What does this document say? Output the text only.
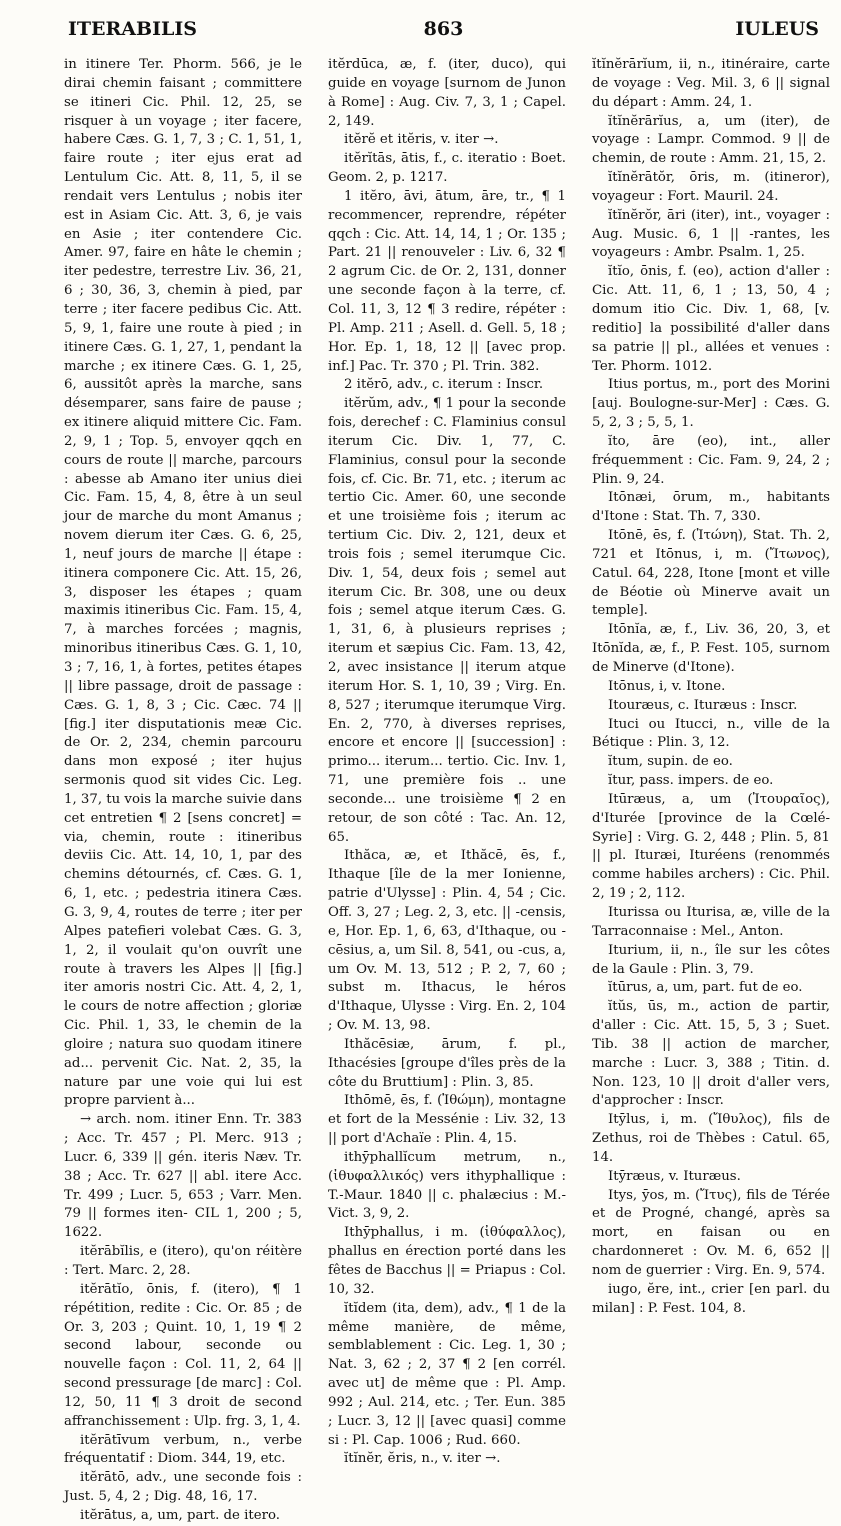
ITERABILIS	863	IULEUS

in itinere Ter. Phorm. 566, je le dirai chemin faisant ; committere se itineri Cic. Phil. 12, 25, se risquer à un voyage ; iter facere, habere Cæs. G. 1, 7, 3 ; C. 1, 51, 1, faire route ; iter ejus erat ad Lentulum Cic. Att. 8, 11, 5, il se rendait vers Lentulus ; nobis iter est in Asiam Cic. Att. 3, 6, je vais en Asie ; iter contendere Cic. Amer. 97, faire en hâte le chemin ; iter pedestre, terrestre Liv. 36, 21, 6 ; 30, 36, 3, chemin à pied, par terre ; iter facere pedibus Cic. Att. 5, 9, 1, faire une route à pied ; in itinere Cæs. G. 1, 27, 1, pendant la marche ; ex itinere Cæs. G. 1, 25, 6, aussitôt après la marche, sans désemparer, sans faire de pause ; ex itinere aliquid mittere Cic. Fam. 2, 9, 1 ; Top. 5, envoyer qqch en cours de route || marche, parcours : abesse ab Amano iter unius diei Cic. Fam. 15, 4, 8, être à un seul jour de marche du mont Amanus ; novem dierum iter Cæs. G. 6, 25, 1, neuf jours de marche || étape : itinera componere Cic. Att. 15, 26, 3, disposer les étapes ; quam maximis itineribus Cic. Fam. 15, 4, 7, à marches forcées ; magnis, minoribus itineribus Cæs. G. 1, 10, 3 ; 7, 16, 1, à fortes, petites étapes || libre passage, droit de passage : Cæs. G. 1, 8, 3 ; Cic. Cæc. 74 || [fig.] iter disputationis meæ Cic. de Or. 2, 234, chemin parcouru dans mon exposé ; iter hujus sermonis quod sit vides Cic. Leg. 1, 37, tu vois la marche suivie dans cet entretien ¶ 2 [sens concret] = via, chemin, route : itineribus deviis Cic. Att. 14, 10, 1, par des chemins détournés, cf. Cæs. G. 1, 6, 1, etc. ; pedestria itinera Cæs. G. 3, 9, 4, routes de terre ; iter per Alpes patefieri volebat Cæs. G. 3, 1, 2, il voulait qu'on ouvrît une route à travers les Alpes || [fig.] iter amoris nostri Cic. Att. 4, 2, 1, le cours de notre affection ; gloriæ Cic. Phil. 1, 33, le chemin de la gloire ; natura suo quodam itinere ad... pervenit Cic. Nat. 2, 35, la nature par une voie qui lui est propre parvient à...

→ arch. nom. itiner Enn. Tr. 383 ; Acc. Tr. 457 ; Pl. Merc. 913 ; Lucr. 6, 339 || gén. iteris Næv. Tr. 38 ; Acc. Tr. 627 || abl. itere Acc. Tr. 499 ; Lucr. 5, 653 ; Varr. Men. 79 || formes iten- CIL 1, 200 ; 5, 1622.

itĕrābĭlis, e (itero), qu'on réitère : Tert. Marc. 2, 28.

itĕrātĭo, ōnis, f. (itero), ¶ 1 répétition, redite : Cic. Or. 85 ; de Or. 3, 203 ; Quint. 10, 1, 19 ¶ 2 second labour, seconde ou nouvelle façon : Col. 11, 2, 64 || second pressurage [de marc] : Col. 12, 50, 11 ¶ 3 droit de second affranchissement : Ulp. frg. 3, 1, 4.

itĕrātīvum verbum, n., verbe fréquentatif : Diom. 344, 19, etc.

itĕrātō, adv., une seconde fois : Just. 5, 4, 2 ; Dig. 48, 16, 17.

itĕrātus, a, um, part. de itero.

itĕrdūca, æ, f. (iter, duco), qui guide en voyage [surnom de Junon à Rome] : Aug. Civ. 7, 3, 1 ; Capel. 2, 149.

itĕrĕ et itĕris, v. iter →.

itĕrĭtās, ātis, f., c. iteratio : Boet. Geom. 2, p. 1217.

1 itĕro, āvi, ātum, āre, tr., ¶ 1 recommencer, reprendre, répéter qqch : Cic. Att. 14, 14, 1 ; Or. 135 ; Part. 21 || renouveler : Liv. 6, 32 ¶ 2 agrum Cic. de Or. 2, 131, donner une seconde façon à la terre, cf. Col. 11, 3, 12 ¶ 3 redire, répéter : Pl. Amp. 211 ; Asell. d. Gell. 5, 18 ; Hor. Ep. 1, 18, 12 || [avec prop. inf.] Pac. Tr. 370 ; Pl. Trin. 382.

2 itĕrō, adv., c. iterum : Inscr.

itĕrŭm, adv., ¶ 1 pour la seconde fois, derechef : C. Flaminius consul iterum Cic. Div. 1, 77, C. Flaminius, consul pour la seconde fois, cf. Cic. Br. 71, etc. ; iterum ac tertio Cic. Amer. 60, une seconde et une troisième fois ; iterum ac tertium Cic. Div. 2, 121, deux et trois fois ; semel iterumque Cic. Div. 1, 54, deux fois ; semel aut iterum Cic. Br. 308, une ou deux fois ; semel atque iterum Cæs. G. 1, 31, 6, à plusieurs reprises ; iterum et sæpius Cic. Fam. 13, 42, 2, avec insistance || iterum atque iterum Hor. S. 1, 10, 39 ; Virg. En. 8, 527 ; iterumque iterumque Virg. En. 2, 770, à diverses reprises, encore et encore || [succession] : primo... iterum... tertio. Cic. Inv. 1, 71, une première fois .. une seconde... une troisième ¶ 2 en retour, de son côté : Tac. An. 12, 65.

Ithăca, æ, et Ithăcē, ēs, f., Ithaque [île de la mer Ionienne, patrie d'Ulysse] : Plin. 4, 54 ; Cic. Off. 3, 27 ; Leg. 2, 3, etc. || -censis, e, Hor. Ep. 1, 6, 63, d'Ithaque, ou -cēsius, a, um Sil. 8, 541, ou -cus, a, um Ov. M. 13, 512 ; P. 2, 7, 60 ; subst m. Ithacus, le héros d'Ithaque, Ulysse : Virg. En. 2, 104 ; Ov. M. 13, 98.

Ithăcēsiæ, ārum, f. pl., Ithacésies [groupe d'îles près de la côte du Bruttium] : Plin. 3, 85.

Ithōmē, ēs, f. (Ἰθώμη), montagne et fort de la Messénie : Liv. 32, 13 || port d'Achaïe : Plin. 4, 15.

ithȳphallĭcum metrum, n., (ἰθυφαλλικός) vers ithyphallique : T.-Maur. 1840 || c. phalæcius : M.-Vict. 3, 9, 2.

Ithȳphallus, i m. (ἰθύφαλλος), phallus en érection porté dans les fêtes de Bacchus || = Priapus : Col. 10, 32.

ĭtĭdem (ita, dem), adv., ¶ 1 de la même manière, de même, semblablement : Cic. Leg. 1, 30 ; Nat. 3, 62 ; 2, 37 ¶ 2 [en corrél. avec ut] de même que : Pl. Amp. 992 ; Aul. 214, etc. ; Ter. Eun. 385 ; Lucr. 3, 12 || [avec quasi] comme si : Pl. Cap. 1006 ; Rud. 660.

ĭtĭnĕr, ĕris, n., v. iter →.

ĭtĭnĕrārĭum, ii, n., itinéraire, carte de voyage : Veg. Mil. 3, 6 || signal du départ : Amm. 24, 1.

ĭtĭnĕrārĭus, a, um (iter), de voyage : Lampr. Commod. 9 || de chemin, de route : Amm. 21, 15, 2.

ĭtĭnĕrātŏr, ōris, m. (itineror), voyageur : Fort. Mauril. 24.

ĭtĭnĕrŏr, āri (iter), int., voyager : Aug. Music. 6, 1 || -rantes, les voyageurs : Ambr. Psalm. 1, 25.

ĭtĭo, ōnis, f. (eo), action d'aller : Cic. Att. 11, 6, 1 ; 13, 50, 4 ; domum itio Cic. Div. 1, 68, [v. reditio] la possibilité d'aller dans sa patrie || pl., allées et venues : Ter. Phorm. 1012.

Itius portus, m., port des Morini [auj. Boulogne-sur-Mer] : Cæs. G. 5, 2, 3 ; 5, 5, 1.

ĭto, āre (eo), int., aller fréquemment : Cic. Fam. 9, 24, 2 ; Plin. 9, 24.

Itōnæi, ōrum, m., habitants d'Itone : Stat. Th. 7, 330.

Itōnē, ēs, f. (Ἰτώνη), Stat. Th. 2, 721 et Itōnus, i, m. (Ἴτωνος), Catul. 64, 228, Itone [mont et ville de Béotie où Minerve avait un temple].

Itōnĭa, æ, f., Liv. 36, 20, 3, et Itōnĭda, æ, f., P. Fest. 105, surnom de Minerve (d'Itone).

Itōnus, i, v. Itone.

Itouræus, c. Ituræus : Inscr.

Ituci ou Itucci, n., ville de la Bétique : Plin. 3, 12.

ĭtum, supin. de eo.

ĭtur, pass. impers. de eo.

Itūræus, a, um (Ἰτουραῖος), d'Iturée [province de la Cœlé-Syrie] : Virg. G. 2, 448 ; Plin. 5, 81 || pl. Ituræi, Ituréens (renommés comme habiles archers) : Cic. Phil. 2, 19 ; 2, 112.

Iturissa ou Iturisa, æ, ville de la Tarraconnaise : Mel., Anton.

Iturium, ii, n., île sur les côtes de la Gaule : Plin. 3, 79.

ĭtūrus, a, um, part. fut de eo.

ĭtŭs, ūs, m., action de partir, d'aller : Cic. Att. 15, 5, 3 ; Suet. Tib. 38 || action de marcher, marche : Lucr. 3, 388 ; Titin. d. Non. 123, 10 || droit d'aller vers, d'approcher : Inscr.

Itȳlus, i, m. (Ἴθυλος), fils de Zethus, roi de Thèbes : Catul. 65, 14.

Itȳræus, v. Ituræus.

Itys, ȳos, m. (Ἴτυς), fils de Térée et de Progné, changé, après sa mort, en faisan ou en chardonneret : Ov. M. 6, 652 || nom de guerrier : Virg. En. 9, 574.

iugo, ĕre, int., crier [en parl. du milan] : P. Fest. 104, 8.
